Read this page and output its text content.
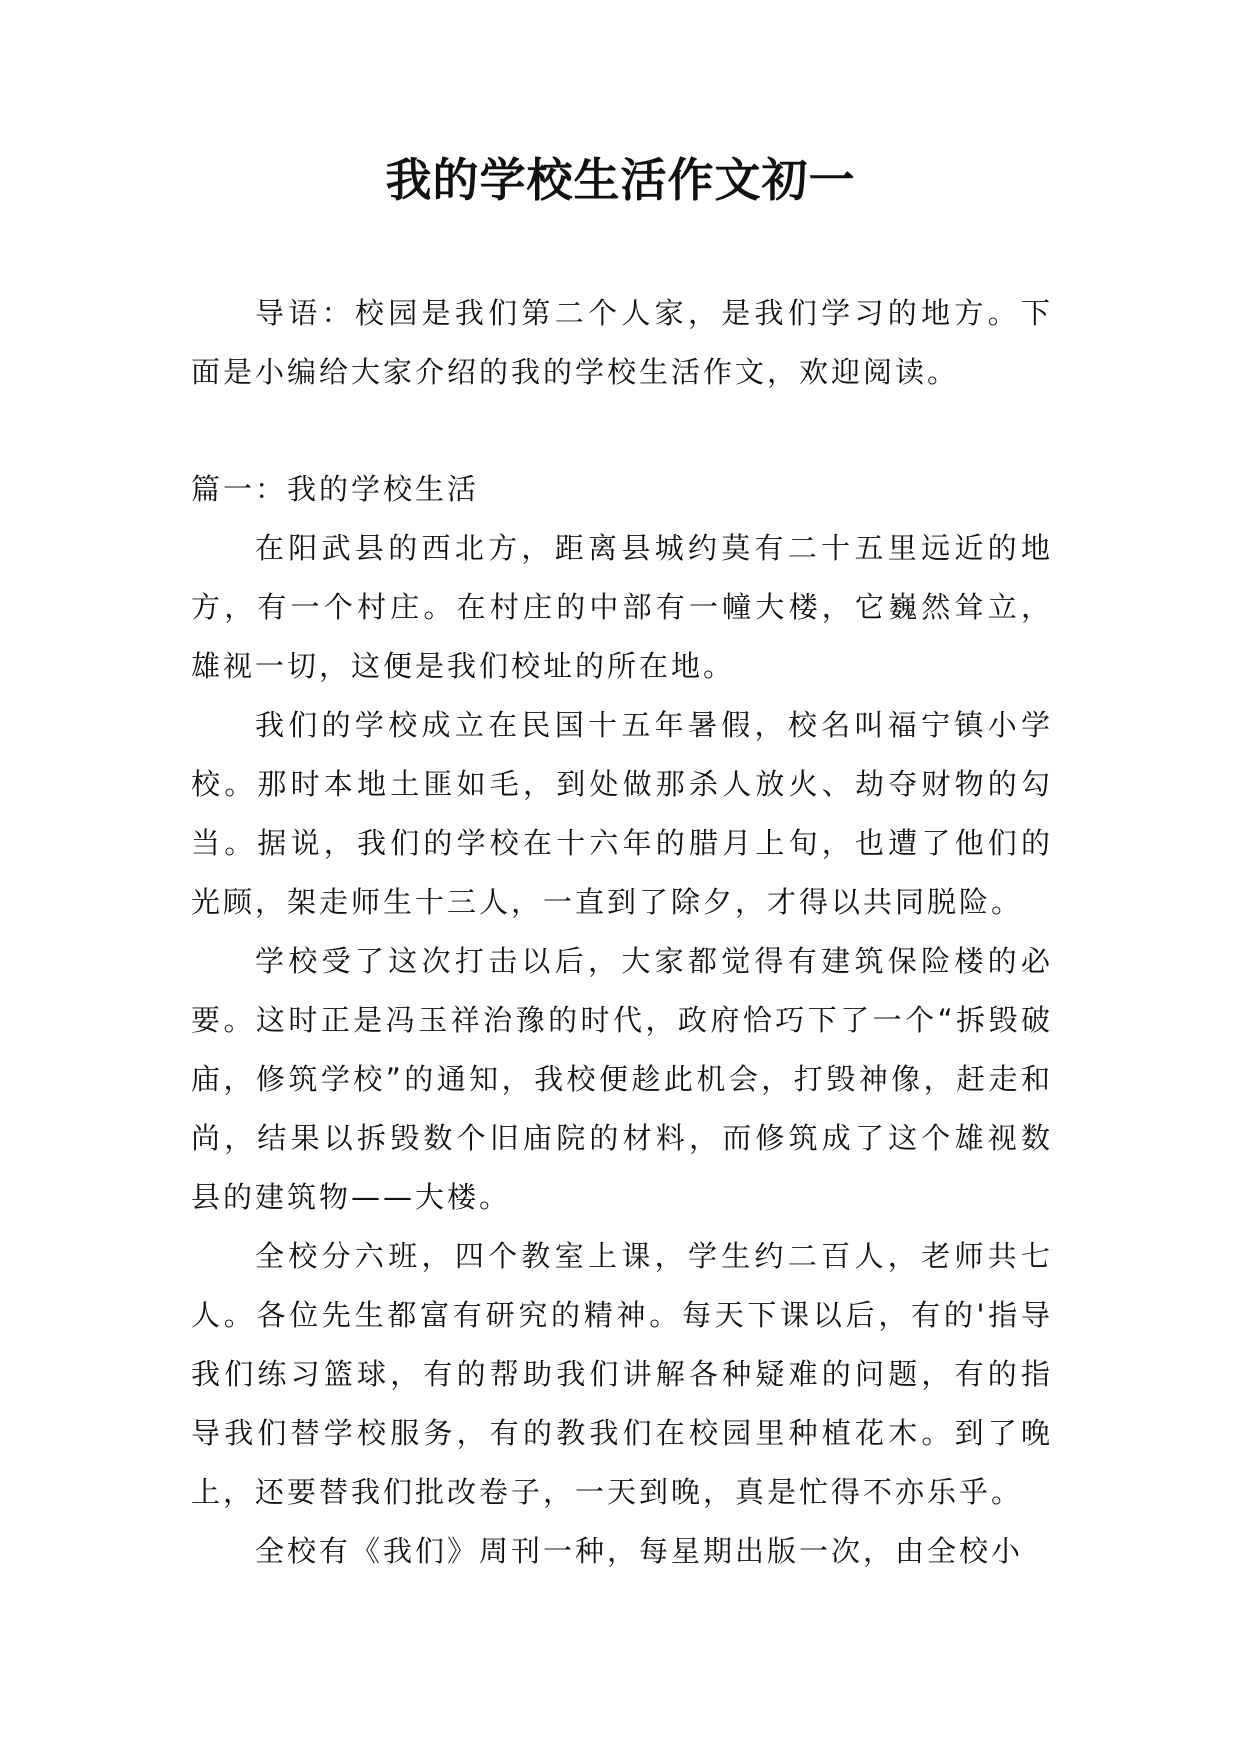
我的学校生活作文初一

导语：校园是我们第二个人家，是我们学习的地方。下面是小编给大家介绍的我的学校生活作文，欢迎阅读。

篇一：我的学校生活

在阳武县的西北方，距离县城约莫有二十五里远近的地方，有一个村庄。在村庄的中部有一幢大楼，它巍然耸立，雄视一切，这便是我们校址的所在地。

我们的学校成立在民国十五年暑假，校名叫福宁镇小学校。那时本地土匪如毛，到处做那杀人放火、劫夺财物的勾当。据说，我们的学校在十六年的腊月上旬，也遭了他们的光顾，架走师生十三人，一直到了除夕，才得以共同脱险。

学校受了这次打击以后，大家都觉得有建筑保险楼的必要。这时正是冯玉祥治豫的时代，政府恰巧下了一个“拆毁破庙，修筑学校”的通知，我校便趁此机会，打毁神像，赶走和尚，结果以拆毁数个旧庙院的材料，而修筑成了这个雄视数县的建筑物——大楼。

全校分六班，四个教室上课，学生约二百人，老师共七人。各位先生都富有研究的精神。每天下课以后，有的'指导我们练习篮球，有的帮助我们讲解各种疑难的问题，有的指导我们替学校服务，有的教我们在校园里种植花木。到了晚上，还要替我们批改卷子，一天到晚，真是忙得不亦乐乎。

全校有《我们》周刊一种，每星期出版一次，由全校小
